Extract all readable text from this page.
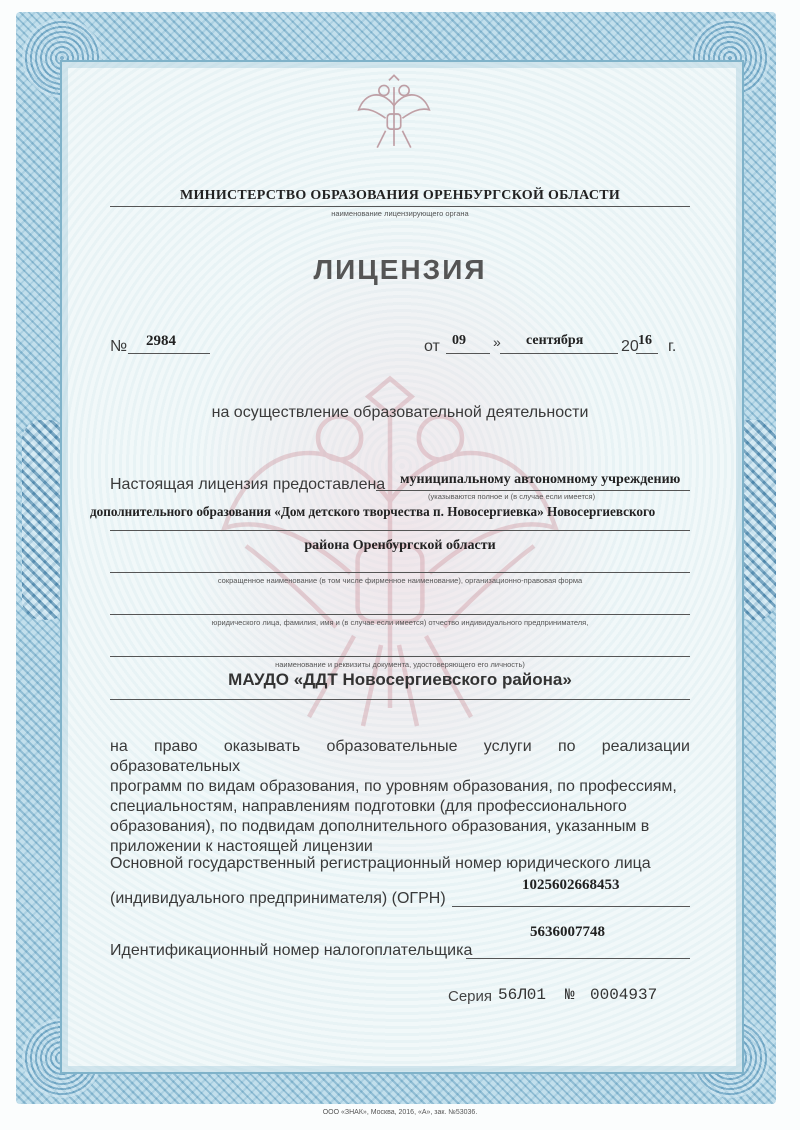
МИНИСТЕРСТВО ОБРАЗОВАНИЯ ОРЕНБУРГСКОЙ ОБЛАСТИ
наименование лицензирующего органа
ЛИЦЕНЗИЯ
№ 2984	от 09 » сентября 20 16 г.
на осуществление образовательной деятельности
Настоящая лицензия предоставлена муниципальному автономному учреждению
(указываются полное и (в случае если имеется)
дополнительного образования «Дом детского творчества п. Новосергиевка» Новосергиевского
района Оренбургской области
сокращенное наименование (в том числе фирменное наименование), организационно-правовая форма
юридического лица, фамилия, имя и (в случае если имеется) отчество индивидуального предпринимателя,
наименование и реквизиты документа, удостоверяющего его личность)
МАУДО «ДДТ Новосергиевского района»
на право оказывать образовательные услуги по реализации образовательных
программ по видам образования, по уровням образования, по профессиям,
специальностям, направлениям подготовки (для профессионального
образования), по подвидам дополнительного образования, указанным в
приложении к настоящей лицензии
Основной государственный регистрационный номер юридического лица
(индивидуального предпринимателя) (ОГРН)
1025602668453
5636007748
Идентификационный номер налогоплательщика
Серия 56Л01 № 0004937
ООО «ЗНАК», Москва, 2016, «А», зак. №53036.
